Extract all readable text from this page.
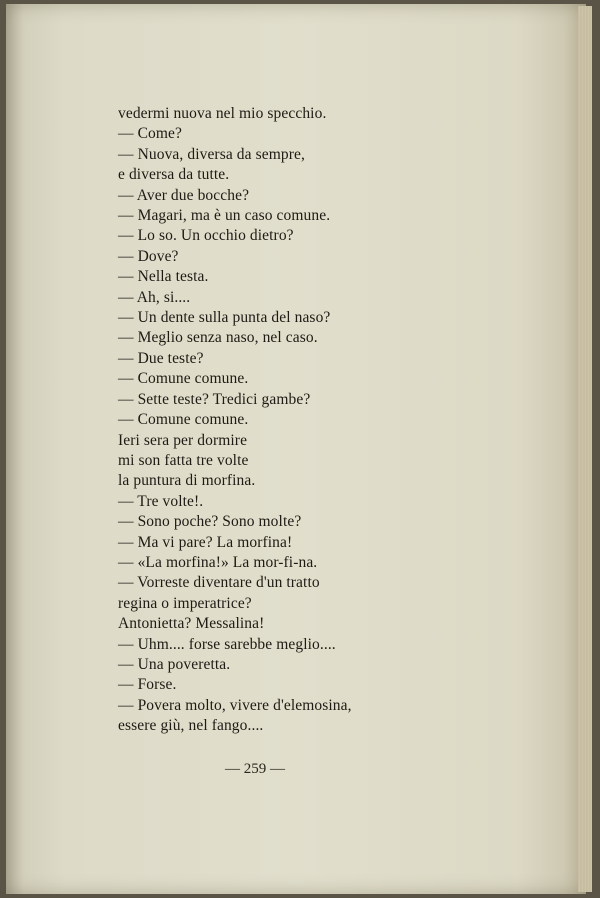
vedermi nuova nel mio specchio.
— Come?
— Nuova, diversa da sempre,
e diversa da tutte.
— Aver due bocche?
— Magari, ma è un caso comune.
— Lo so. Un occhio dietro?
— Dove?
— Nella testa.
— Ah, si....
— Un dente sulla punta del naso?
— Meglio senza naso, nel caso.
— Due teste?
— Comune comune.
— Sette teste? Tredici gambe?
— Comune comune.
Ieri sera per dormire
mi son fatta tre volte
la puntura di morfina.
— Tre volte!.
— Sono poche? Sono molte?
— Ma vi pare? La morfina!
— «La morfina!» La mor-fi-na.
— Vorreste diventare d'un tratto
regina o imperatrice?
Antonietta? Messalina!
— Uhm.... forse sarebbe meglio....
— Una poveretta.
— Forse.
— Povera molto, vivere d'elemosina,
essere giù, nel fango....
— 259 —
